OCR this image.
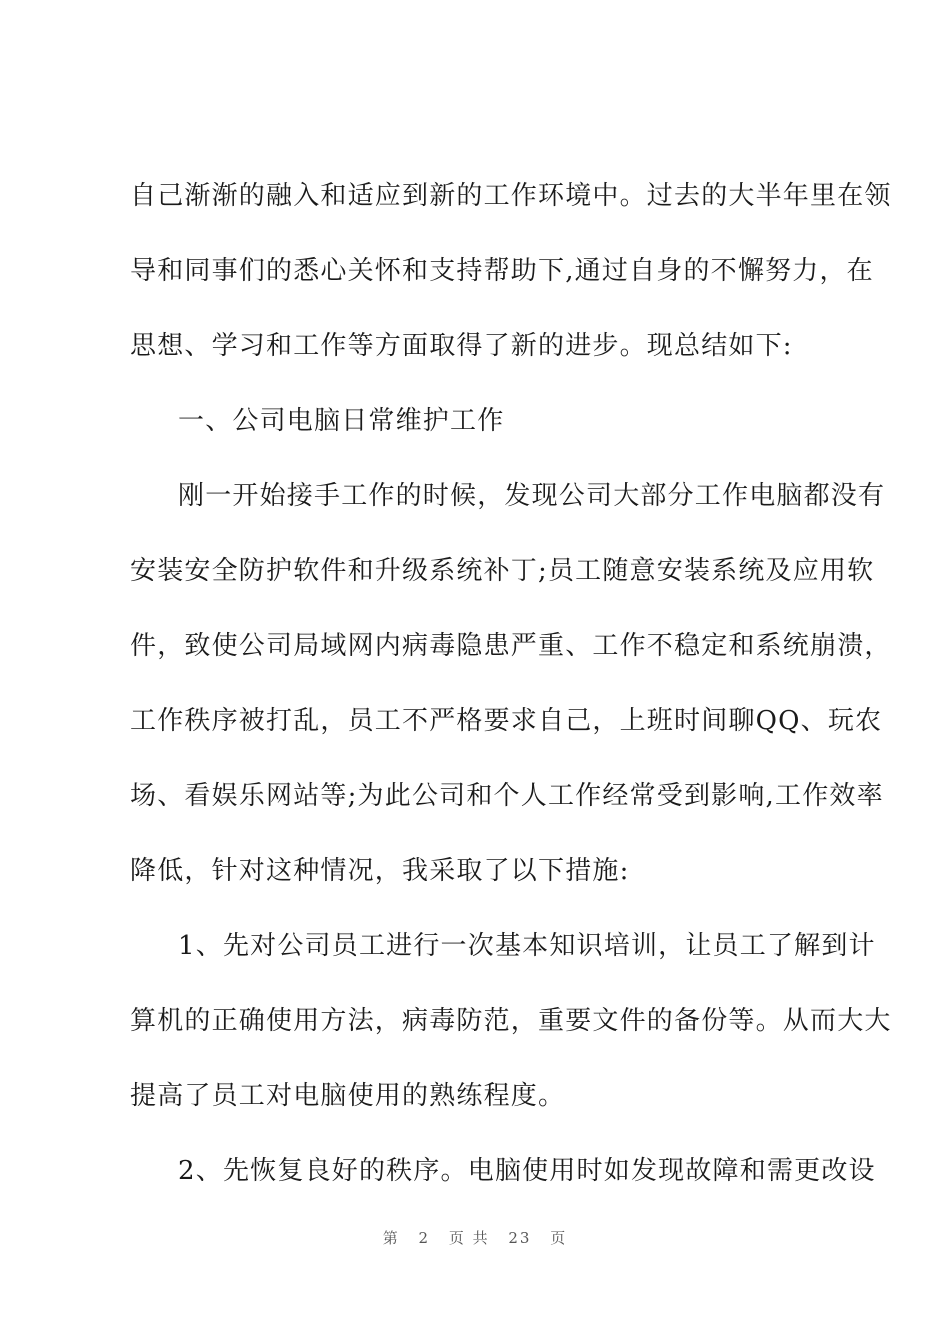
自己渐渐的融入和适应到新的工作环境中。过去的大半年里在领
导和同事们的悉心关怀和支持帮助下,通过自身的不懈努力，在
思想、学习和工作等方面取得了新的进步。现总结如下:
一、公司电脑日常维护工作
刚一开始接手工作的时候，发现公司大部分工作电脑都没有
安装安全防护软件和升级系统补丁;员工随意安装系统及应用软
件，致使公司局域网内病毒隐患严重、工作不稳定和系统崩溃，
工作秩序被打乱，员工不严格要求自己，上班时间聊QQ、玩农
场、看娱乐网站等;为此公司和个人工作经常受到影响,工作效率
降低，针对这种情况，我采取了以下措施:
1、先对公司员工进行一次基本知识培训，让员工了解到计
算机的正确使用方法，病毒防范，重要文件的备份等。从而大大
提高了员工对电脑使用的熟练程度。
2、先恢复良好的秩序。电脑使用时如发现故障和需更改设
第 2 页 共 23 页
